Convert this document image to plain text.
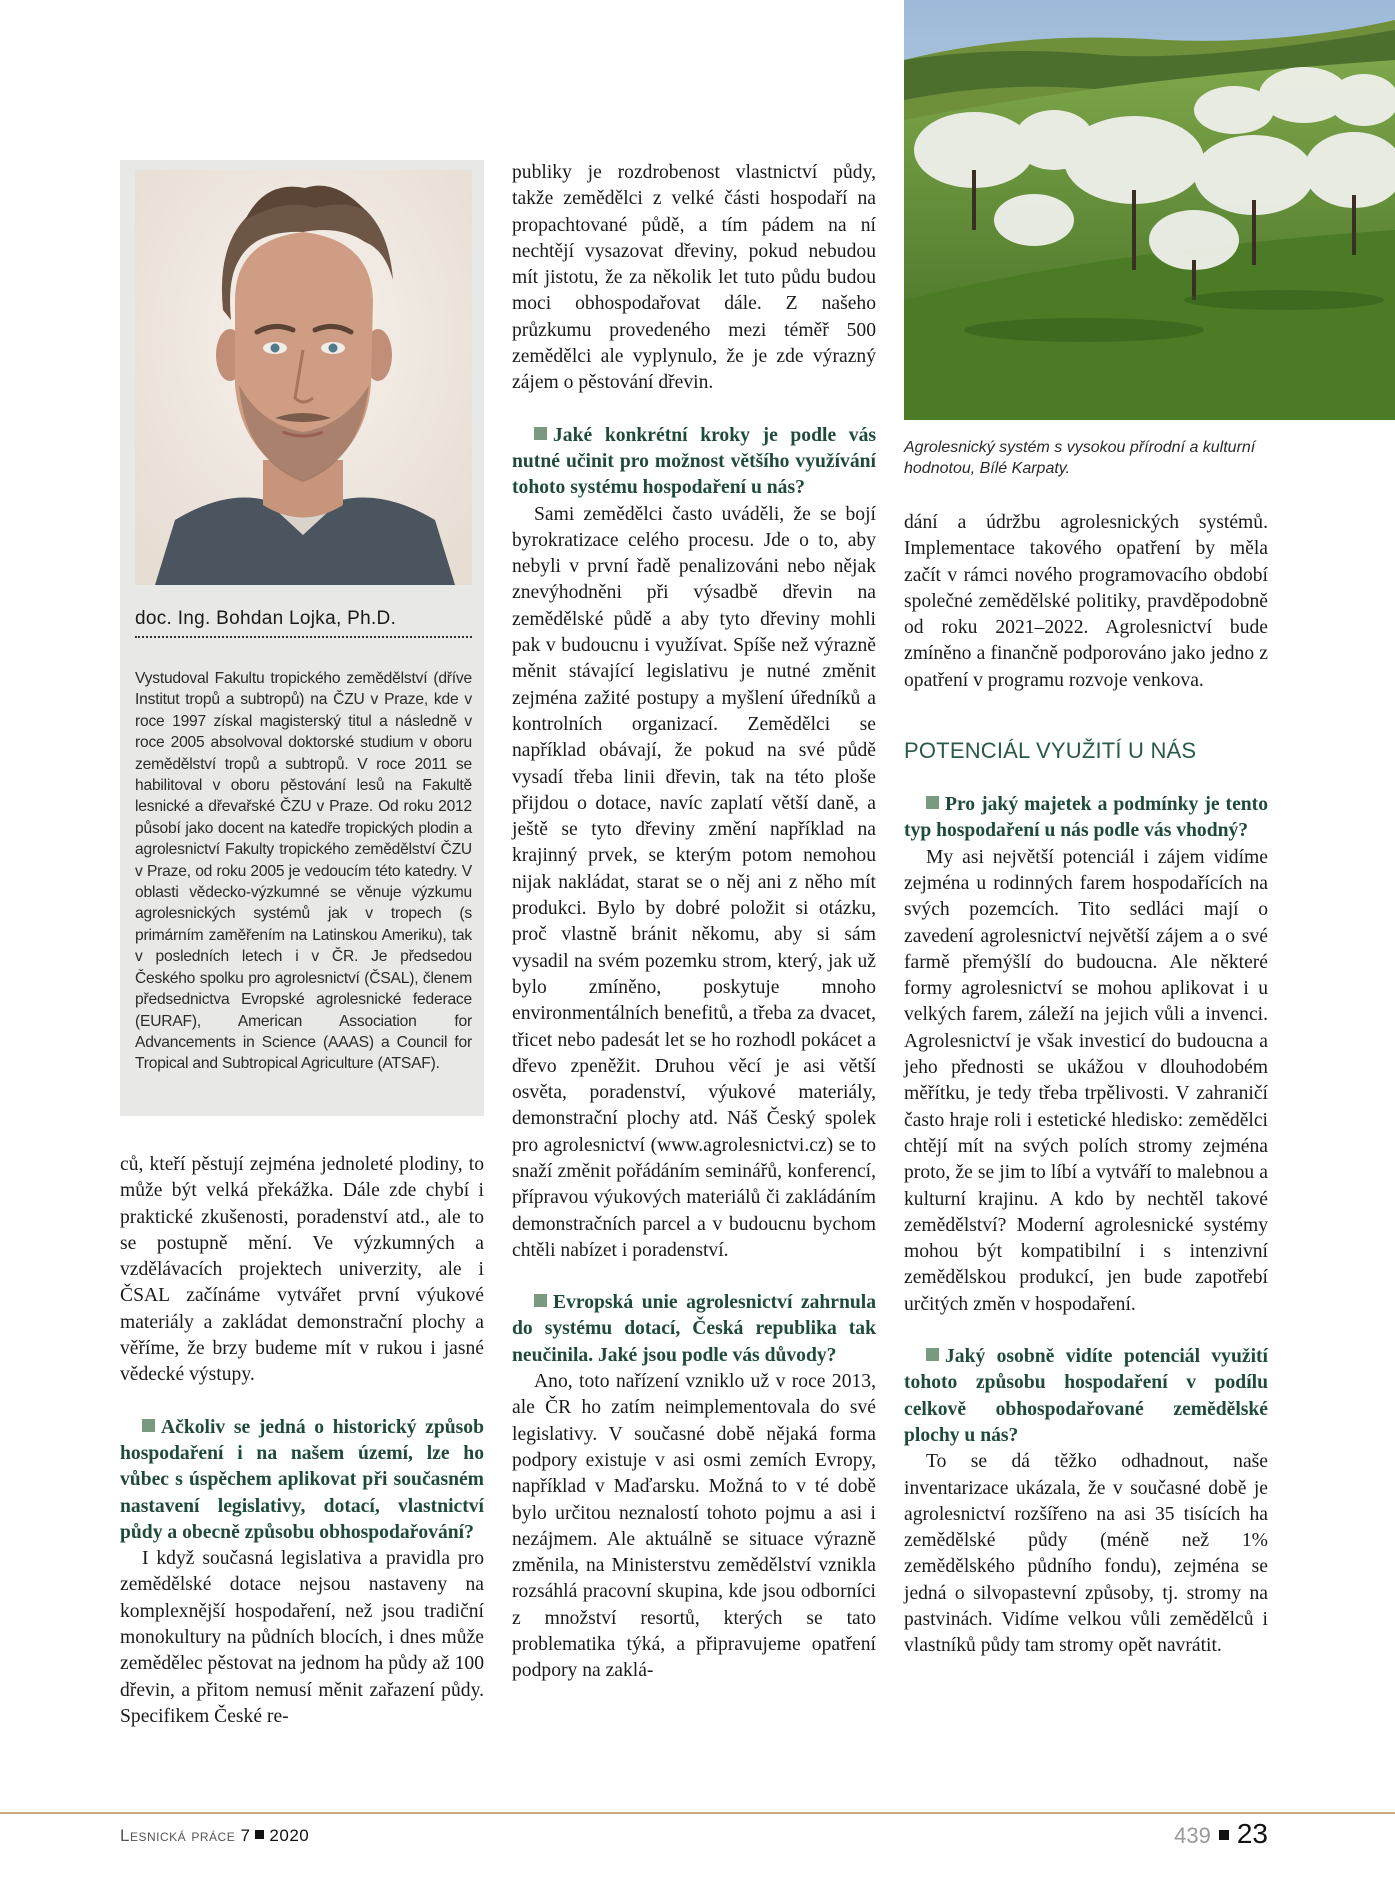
doc. Ing. Bohdan Lojka, Ph.D.
Vystudoval Fakultu tropického zemědělství (dříve Institut tropů a subtropů) na ČZU v Praze, kde v roce 1997 získal magisterský titul a následně v roce 2005 absolvoval doktorské studium v oboru zemědělství tropů a subtropů. V roce 2011 se habilitoval v oboru pěstování lesů na Fakultě lesnické a dřevařské ČZU v Praze. Od roku 2012 působí jako docent na katedře tropických plodin a agrolesnictví Fakulty tropického zemědělství ČZU v Praze, od roku 2005 je vedoucím této katedry. V oblasti vědecko-výzkumné se věnuje výzkumu agrolesnických systémů jak v tropech (s primárním zaměřením na Latinskou Ameriku), tak v posledních letech i v ČR. Je předsedou Českého spolku pro agrolesnictví (ČSAL), členem předsednictva Evropské agrolesnické federace (EURAF), American Association for Advancements in Science (AAAS) a Council for Tropical and Subtropical Agriculture (ATSAF).

ců, kteří pěstují zejména jednoleté plodiny, to může být velká překážka. Dále zde chybí i praktické zkušenosti, poradenství atd., ale to se postupně mění. Ve výzkumných a vzdělávacích projektech univerzity, ale i ČSAL začínáme vytvářet první výukové materiály a zakládat demonstrační plochy a věříme, že brzy budeme mít v rukou i jasné vědecké výstupy.

Ačkoliv se jedná o historický způsob hospodaření i na našem území, lze ho vůbec s úspěchem aplikovat při současném nastavení legislativy, dotací, vlastnictví půdy a obecně způsobu obhospodařování?

I když současná legislativa a pravidla pro zemědělské dotace nejsou nastaveny na komplexnější hospodaření, než jsou tradiční monokultury na půdních blocích, i dnes může zemědělec pěstovat na jednom ha půdy až 100 dřevin, a přitom nemusí měnit zařazení půdy. Specifikem České re-

publiky je rozdrobenost vlastnictví půdy, takže zemědělci z velké části hospodaří na propachtované půdě, a tím pádem na ní nechtějí vysazovat dřeviny, pokud nebudou mít jistotu, že za několik let tuto půdu budou moci obhospodařovat dále. Z našeho průzkumu provedeného mezi téměř 500 zemědělci ale vyplynulo, že je zde výrazný zájem o pěstování dřevin.

Jaké konkrétní kroky je podle vás nutné učinit pro možnost většího využívání tohoto systému hospodaření u nás?

Sami zemědělci často uváděli, že se bojí byrokratizace celého procesu. Jde o to, aby nebyli v první řadě penalizováni nebo nějak znevýhodněni při výsadbě dřevin na zemědělské půdě a aby tyto dřeviny mohli pak v budoucnu i využívat. Spíše než výrazně měnit stávající legislativu je nutné změnit zejména zažité postupy a myšlení úředníků a kontrolních organizací. Zemědělci se například obávají, že pokud na své půdě vysadí třeba linii dřevin, tak na této ploše přijdou o dotace, navíc zaplatí větší daně, a ještě se tyto dřeviny změní například na krajinný prvek, se kterým potom nemohou nijak nakládat, starat se o něj ani z něho mít produkci. Bylo by dobré položit si otázku, proč vlastně bránit někomu, aby si sám vysadil na svém pozemku strom, který, jak už bylo zmíněno, poskytuje mnoho environmentálních benefitů, a třeba za dvacet, třicet nebo padesát let se ho rozhodl pokácet a dřevo zpeněžit. Druhou věcí je asi větší osvěta, poradenství, výukové materiály, demonstrační plochy atd. Náš Český spolek pro agrolesnictví (www.agrolesnictvi.cz) se to snaží změnit pořádáním seminářů, konferencí, přípravou výukových materiálů či zakládáním demonstračních parcel a v budoucnu bychom chtěli nabízet i poradenství.

Evropská unie agrolesnictví zahrnula do systému dotací, Česká republika tak neučinila. Jaké jsou podle vás důvody?

Ano, toto nařízení vzniklo už v roce 2013, ale ČR ho zatím neimplementovala do své legislativy. V současné době nějaká forma podpory existuje v asi osmi zemích Evropy, například v Maďarsku. Možná to v té době bylo určitou neznalostí tohoto pojmu a asi i nezájmem. Ale aktuálně se situace výrazně změnila, na Ministerstvu zemědělství vznikla rozsáhlá pracovní skupina, kde jsou odborníci z množství resortů, kterých se tato problematika týká, a připravujeme opatření podpory na zaklá-

Agrolesnický systém s vysokou přírodní a kulturní hodnotou, Bílé Karpaty.

dání a údržbu agrolesnických systémů. Implementace takového opatření by měla začít v rámci nového programovacího období společné zemědělské politiky, pravděpodobně od roku 2021–2022. Agrolesnictví bude zmíněno a finančně podporováno jako jedno z opatření v programu rozvoje venkova.

POTENCIÁL VYUŽITÍ U NÁS

Pro jaký majetek a podmínky je tento typ hospodaření u nás podle vás vhodný?

My asi největší potenciál i zájem vidíme zejména u rodinných farem hospodařících na svých pozemcích. Tito sedláci mají o zavedení agrolesnictví největší zájem a o své farmě přemýšlí do budoucna. Ale některé formy agrolesnictví se mohou aplikovat i u velkých farem, záleží na jejich vůli a invenci. Agrolesnictví je však investicí do budoucna a jeho přednosti se ukážou v dlouhodobém měřítku, je tedy třeba trpělivosti. V zahraničí často hraje roli i estetické hledisko: zemědělci chtějí mít na svých polích stromy zejména proto, že se jim to líbí a vytváří to malebnou a kulturní krajinu. A kdo by nechtěl takové zemědělství? Moderní agrolesnické systémy mohou být kompatibilní i s intenzivní zemědělskou produkcí, jen bude zapotřebí určitých změn v hospodaření.

Jaký osobně vidíte potenciál využití tohoto způsobu hospodaření v podílu celkově obhospodařované zemědělské plochy u nás?

To se dá těžko odhadnout, naše inventarizace ukázala, že v současné době je agrolesnictví rozšířeno na asi 35 tisících ha zemědělské půdy (méně než 1% zemědělského půdního fondu), zejména se jedná o silvopastevní způsoby, tj. stromy na pastvinách. Vidíme velkou vůli zemědělců i vlastníků půdy tam stromy opět navrátit.

Lesnická práce 7 2020	439 23
